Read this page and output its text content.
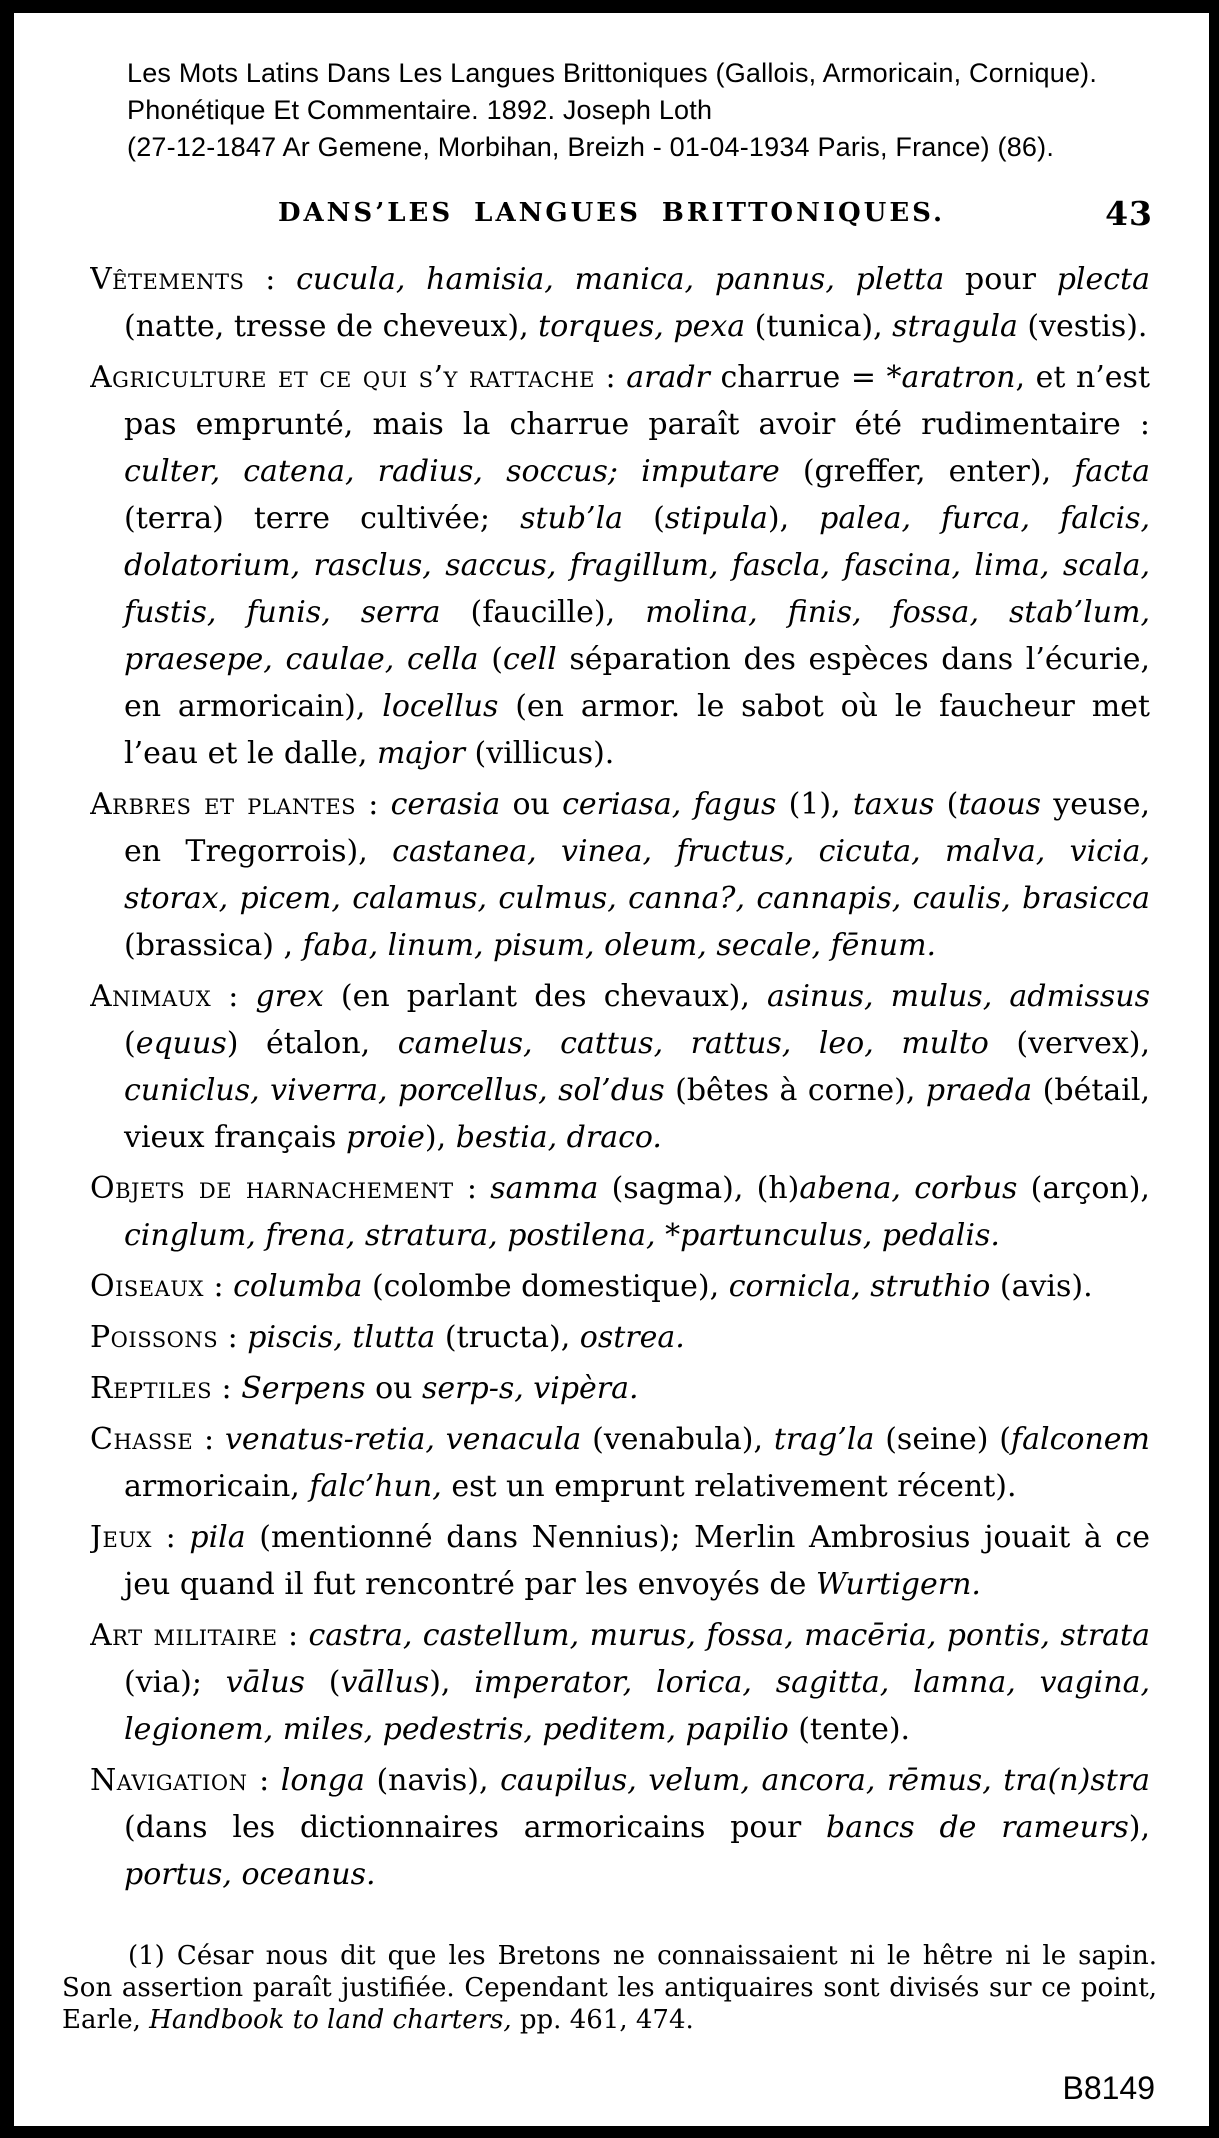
Les Mots Latins Dans Les Langues Brittoniques (Gallois, Armoricain, Cornique).
Phonétique Et Commentaire. 1892. Joseph Loth
(27-12-1847 Ar Gemene, Morbihan, Breizh - 01-04-1934 Paris, France) (86).
DANS’LES LANGUES BRITTONIQUES.	43

Vêtements : cucula, hamisia, manica, pannus, pletta pour plecta (natte, tresse de cheveux), torques, pexa (tunica), stragula (vestis).

Agriculture et ce qui s’y rattache : aradr charrue = *aratron, et n’est pas emprunté, mais la charrue paraît avoir été rudimentaire : culter, catena, radius, soccus; imputare (greffer, enter), facta (terra) terre cultivée; stub’la (stipula), palea, furca, falcis, dolatorium, rasclus, saccus, fragillum, fascla, fascina, lima, scala, fustis, funis, serra (faucille), molina, finis, fossa, stab’lum, praesepe, caulae, cella (cell séparation des espèces dans l’écurie, en armoricain), locellus (en armor. le sabot où le faucheur met l’eau et le dalle, major (villicus).

Arbres et plantes : cerasia ou ceriasa, fagus (1), taxus (taous yeuse, en Tregorrois), castanea, vinea, fructus, cicuta, malva, vicia, storax, picem, calamus, culmus, canna?, cannapis, caulis, brasicca (brassica) , faba, linum, pisum, oleum, secale, fēnum.

Animaux : grex (en parlant des chevaux), asinus, mulus, admissus (equus) étalon, camelus, cattus, rattus, leo, multo (vervex), cuniclus, viverra, porcellus, sol’dus (bêtes à corne), praeda (bétail, vieux français proie), bestia, draco.

Objets de harnachement : samma (sagma), (h)abena, corbus (arçon), cinglum, frena, stratura, postilena, *partunculus, pedalis.

Oiseaux : columba (colombe domestique), cornicla, struthio (avis).

Poissons : piscis, tlutta (tructa), ostrea.

Reptiles : Serpens ou serp-s, vipèra.

Chasse : venatus-retia, venacula (venabula), trag’la (seine) (falconem armoricain, falc’hun, est un emprunt relativement récent).

Jeux : pila (mentionné dans Nennius); Merlin Ambrosius jouait à ce jeu quand il fut rencontré par les envoyés de Wurtigern.

Art militaire : castra, castellum, murus, fossa, macēria, pontis, strata (via); vālus (vāllus), imperator, lorica, sagitta, lamna, vagina, legionem, miles, pedestris, peditem, papilio (tente).

Navigation : longa (navis), caupilus, velum, ancora, rēmus, tra(n)stra (dans les dictionnaires armoricains pour bancs de rameurs), portus, oceanus.

(1) César nous dit que les Bretons ne connaissaient ni le hêtre ni le sapin. Son assertion paraît justifiée. Cependant les antiquaires sont divisés sur ce point, Earle, Handbook to land charters, pp. 461, 474.

B8149
